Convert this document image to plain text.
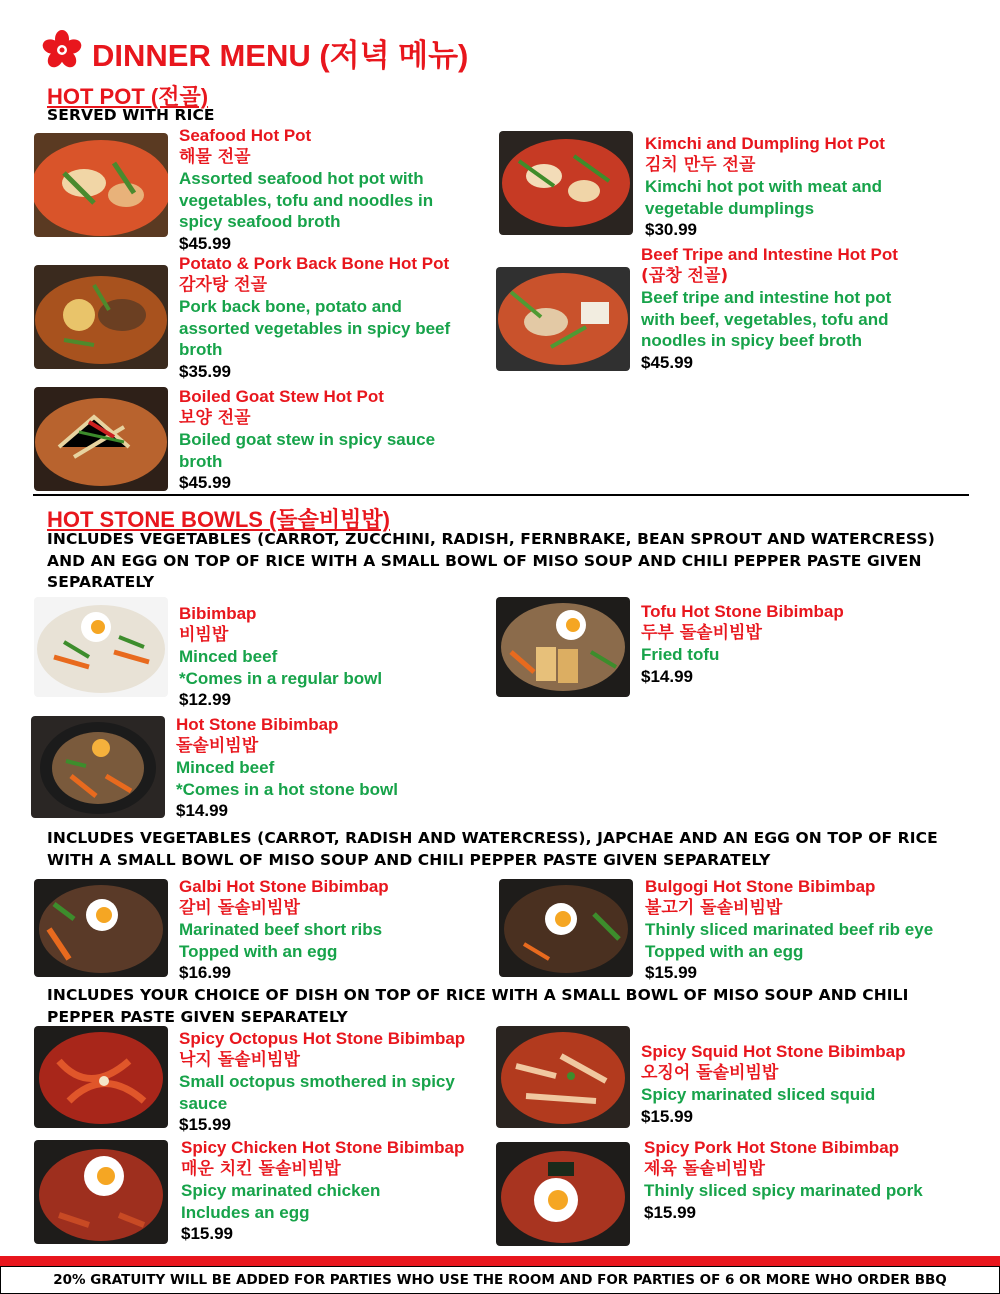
DINNER MENU (저녁 메뉴)
HOT POT (전골)
SERVED WITH RICE
Seafood Hot Pot
해물 전골
Assorted seafood hot pot with
vegetables, tofu and noodles in
spicy seafood broth
$45.99
Kimchi and Dumpling Hot Pot
김치 만두 전골
Kimchi hot pot with meat and
vegetable dumplings
$30.99
Potato & Pork Back Bone Hot Pot
감자탕 전골
Pork back bone, potato and
assorted vegetables in spicy beef
broth
$35.99
Beef Tripe and Intestine Hot Pot
(곱창 전골)
Beef tripe and intestine hot pot
with beef, vegetables, tofu and
noodles in spicy beef broth
$45.99
Boiled Goat Stew Hot Pot
보양 전골
Boiled goat stew in spicy sauce
broth
$45.99
HOT STONE BOWLS (돌솥비빔밥)
INCLUDES VEGETABLES (CARROT, ZUCCHINI, RADISH, FERNBRAKE, BEAN SPROUT AND WATERCRESS)
AND AN EGG ON TOP OF RICE WITH A SMALL BOWL OF MISO SOUP AND CHILI PEPPER PASTE GIVEN
SEPARATELY
Bibimbap
비빔밥
Minced beef
*Comes in a regular bowl
$12.99
Tofu Hot Stone Bibimbap
두부 돌솥비빔밥
Fried tofu
$14.99
Hot Stone Bibimbap
돌솥비빔밥
Minced beef
*Comes in a hot stone bowl
$14.99
INCLUDES VEGETABLES (CARROT, RADISH AND WATERCRESS), JAPCHAE AND AN EGG ON TOP OF RICE
WITH A SMALL BOWL OF MISO SOUP AND CHILI PEPPER PASTE GIVEN SEPARATELY
Galbi Hot Stone Bibimbap
갈비 돌솥비빔밥
Marinated beef short ribs
Topped with an egg
$16.99
Bulgogi Hot Stone Bibimbap
불고기 돌솥비빔밥
Thinly sliced marinated beef rib eye
Topped with an egg
$15.99
INCLUDES YOUR CHOICE OF DISH ON TOP OF RICE WITH A SMALL BOWL OF MISO SOUP AND CHILI
PEPPER PASTE GIVEN SEPARATELY
Spicy Octopus Hot Stone Bibimbap
낙지 돌솥비빔밥
Small octopus smothered in spicy
sauce
$15.99
Spicy Squid Hot Stone Bibimbap
오징어 돌솥비빔밥
Spicy marinated sliced squid
$15.99
Spicy Chicken Hot Stone Bibimbap
매운 치킨 돌솥비빔밥
Spicy marinated chicken
Includes an egg
$15.99
Spicy Pork Hot Stone Bibimbap
제육 돌솥비빔밥
Thinly sliced spicy marinated pork
$15.99
20% GRATUITY WILL BE ADDED FOR PARTIES WHO USE THE ROOM AND FOR PARTIES OF 6 OR MORE WHO ORDER BBQ
